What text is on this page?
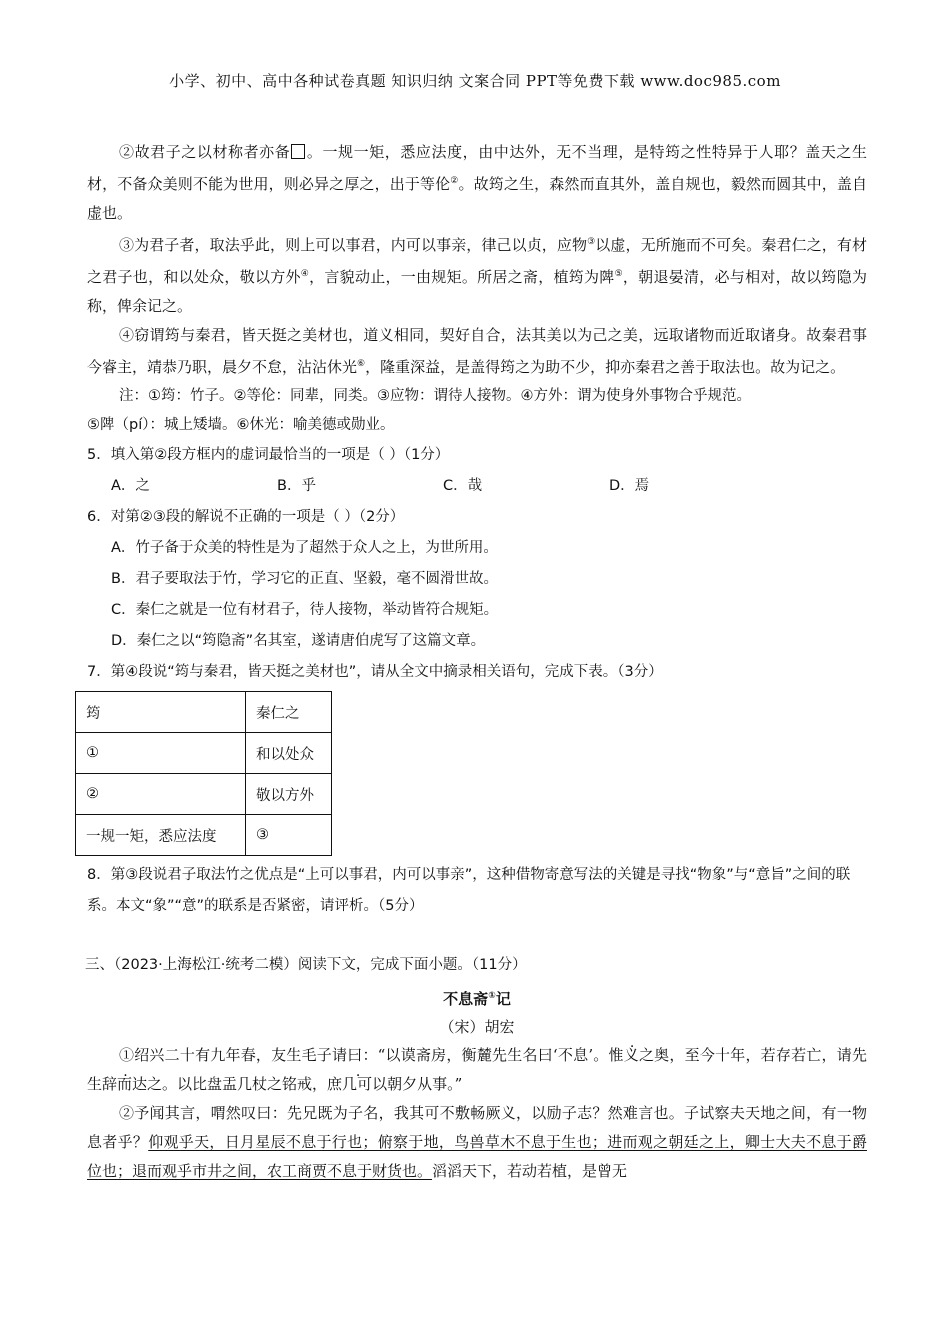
小学、初中、高中各种试卷真题 知识归纳 文案合同 PPT等免费下载 www.doc985.com
②故君子之以材称者亦备 。一规一矩，悉应法度，由中达外，无不当理，是特筠之性特异于人耶？盖天之生材，不备众美则不能为世用，则必异之厚之，出于等伦②。故筠之生，森然而直其外，盖自规也，毅然而圆其中，盖自虚也。
③为君子者，取法乎此，则上可以事君，内可以事亲，律己以贞，应物③以虚，无所施而不可矣。秦君仁之，有材之君子也，和以处众，敬以方外④，言貌动止，一由规矩。所居之斋，植筠为陴⑤，朝退晏清，必与相对，故以筠隐为称，俾余记之。
④窃谓筠与秦君，皆天挺之美材也，道义相同，契好自合，法其美以为己之美，远取诸物而近取诸身。故秦君事今睿主，靖恭乃职，晨夕不怠，沾沾休光⑥，隆重深益，是盖得筠之为助不少，抑亦秦君之善于取法也。故为记之。
注：①筠：竹子。②等伦：同辈，同类。③应物：谓待人接物。④方外：谓为使身外事物合乎规范。
⑤陴（pí）：城上矮墙。⑥休光：喻美德或勋业。
5．填入第②段方框内的虚词最恰当的一项是（ ）（1分）
A．之	B．乎	C．哉	D．焉
6．对第②③段的解说不正确的一项是（ ）（2分）
A．竹子备于众美的特性是为了超然于众人之上，为世所用。
B．君子要取法于竹，学习它的正直、坚毅，毫不圆滑世故。
C．秦仁之就是一位有材君子，待人接物，举动皆符合规矩。
D．秦仁之以“筠隐斋”名其室，遂请唐伯虎写了这篇文章。
7．第④段说“筠与秦君，皆天挺之美材也”，请从全文中摘录相关语句，完成下表。（3分）
筠	秦仁之
①	和以处众
②	敬以方外
一规一矩，悉应法度	③
8．第③段说君子取法竹之优点是“上可以事君，内可以事亲”，这种借物寄意写法的关键是寻找“物象”与“意旨”之间的联系。本文“象”“意”的联系是否紧密，请评析。（5分）
三、（2023·上海松江·统考二模）阅读下文，完成下面小题。（11分）
不息斋①记
（宋）胡宏
①绍兴二十有九年春，友生毛子请曰：“以谟斋房，衡麓先生名曰‘不息’。惟义之奥，至今十年，若存若亡，请先生辞而达之。以比盘盂几杖之铭戒，庶几可以朝夕从事。”
②予闻其言，喟然叹曰：先兄既为子名，我其可不敷畅厥义，以励子志？然难言也。子试察夫天地之间，有一物息者乎？仰观乎天，日月星辰不息于行也；俯察于地，鸟兽草木不息于生也；进而观之朝廷之上，卿士大夫不息于爵位也；退而观乎市井之间，农工商贾不息于财货也。滔滔天下，若动若植，是曾无
